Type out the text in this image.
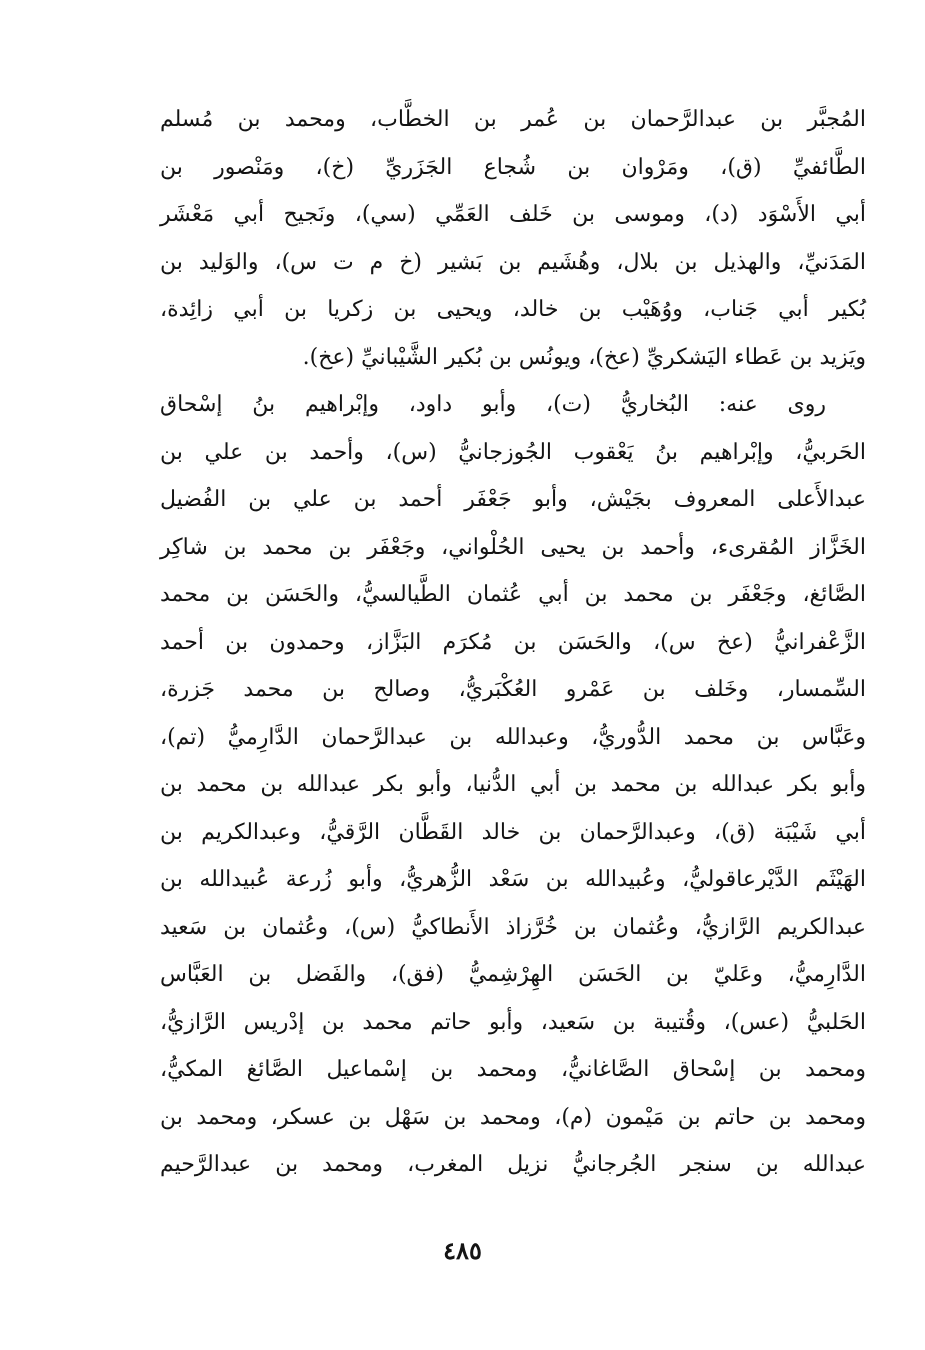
المُجبَّر بن عبدالرَّحمان بن عُمر بن الخطَّاب، ومحمد بن مُسلم
الطَّائفيِّ (ق)، ومَرْوان بن شُجاع الجَزَريِّ (خ)، ومَنْصور بن
أبي الأَسْوَد (د)، وموسى بن خَلف العَمِّي (سي)، ونَجيح أبي مَعْشَر
المَدَنيِّ، والهذيل بن بلال، وهُشَيم بن بَشير (خ م ت س)، والوَليد بن
بُكير أبي جَناب، ووُهَيْب بن خالد، ويحيى بن زكريا بن أبي زائِدة،
ويَزيد بن عَطاء اليَشكريِّ (عخ)، ويونُس بن بُكير الشَّيْبانيِّ (عخ).
روى عنه: البُخاريُّ (ت)، وأبو داود، وإبْراهيم بنُ إسْحاق
الحَربيُّ، وإبْراهيم بنُ يَعْقوب الجُوزجانيُّ (س)، وأحمد بن علي بن
عبدالأَعلى المعروف بجَيْش، وأبو جَعْفَر أحمد بن علي بن الفُضيل
الخَزَّاز المُقرىء، وأحمد بن يحيى الحُلْواني، وجَعْفَر بن محمد بن شاكِر
الصَّائغ، وجَعْفَر بن محمد بن أبي عُثمان الطَّيالسيُّ، والحَسَن بن محمد
الزَّعْفرانيُّ (عخ س)، والحَسَن بن مُكرَم البَزَّاز، وحمدون بن أحمد
السِّمسار، وخَلف بن عَمْرو العُكْبَريُّ، وصالح بن محمد جَزرة،
وعَبَّاس بن محمد الدُّوريُّ، وعبدالله بن عبدالرَّحمان الدَّارِميُّ (تم)،
وأبو بكر عبدالله بن محمد بن أبي الدُّنيا، وأبو بكر عبدالله بن محمد بن
أبي شَيْبَة (ق)، وعبدالرَّحمان بن خالد القَطَّان الرَّقيُّ، وعبدالكريم بن
الهَيْثَم الدَّيْرعاقوليُّ، وعُبيدالله بن سَعْد الزُّهريُّ، وأبو زُرعة عُبيدالله بن
عبدالكريم الرَّازيُّ، وعُثمان بن خُرَّزاذ الأَنطاكيُّ (س)، وعُثمان بن سَعيد
الدَّارِميُّ، وعَليّ بن الحَسَن الهِرْشِميُّ (فق)، والفَضل بن العَبَّاس
الحَلبيُّ (عس)، وقُتيبة بن سَعيد، وأبو حاتم محمد بن إدْريس الرَّازيُّ،
ومحمد بن إسْحاق الصَّاغانيُّ، ومحمد بن إسْماعيل الصَّائغ المكيُّ،
ومحمد بن حاتم بن مَيْمون (م)، ومحمد بن سَهْل بن عسكر، ومحمد بن
عبدالله بن سنجر الجُرجانيُّ نزيل المغرب، ومحمد بن عبدالرَّحيم
٤٨٥
